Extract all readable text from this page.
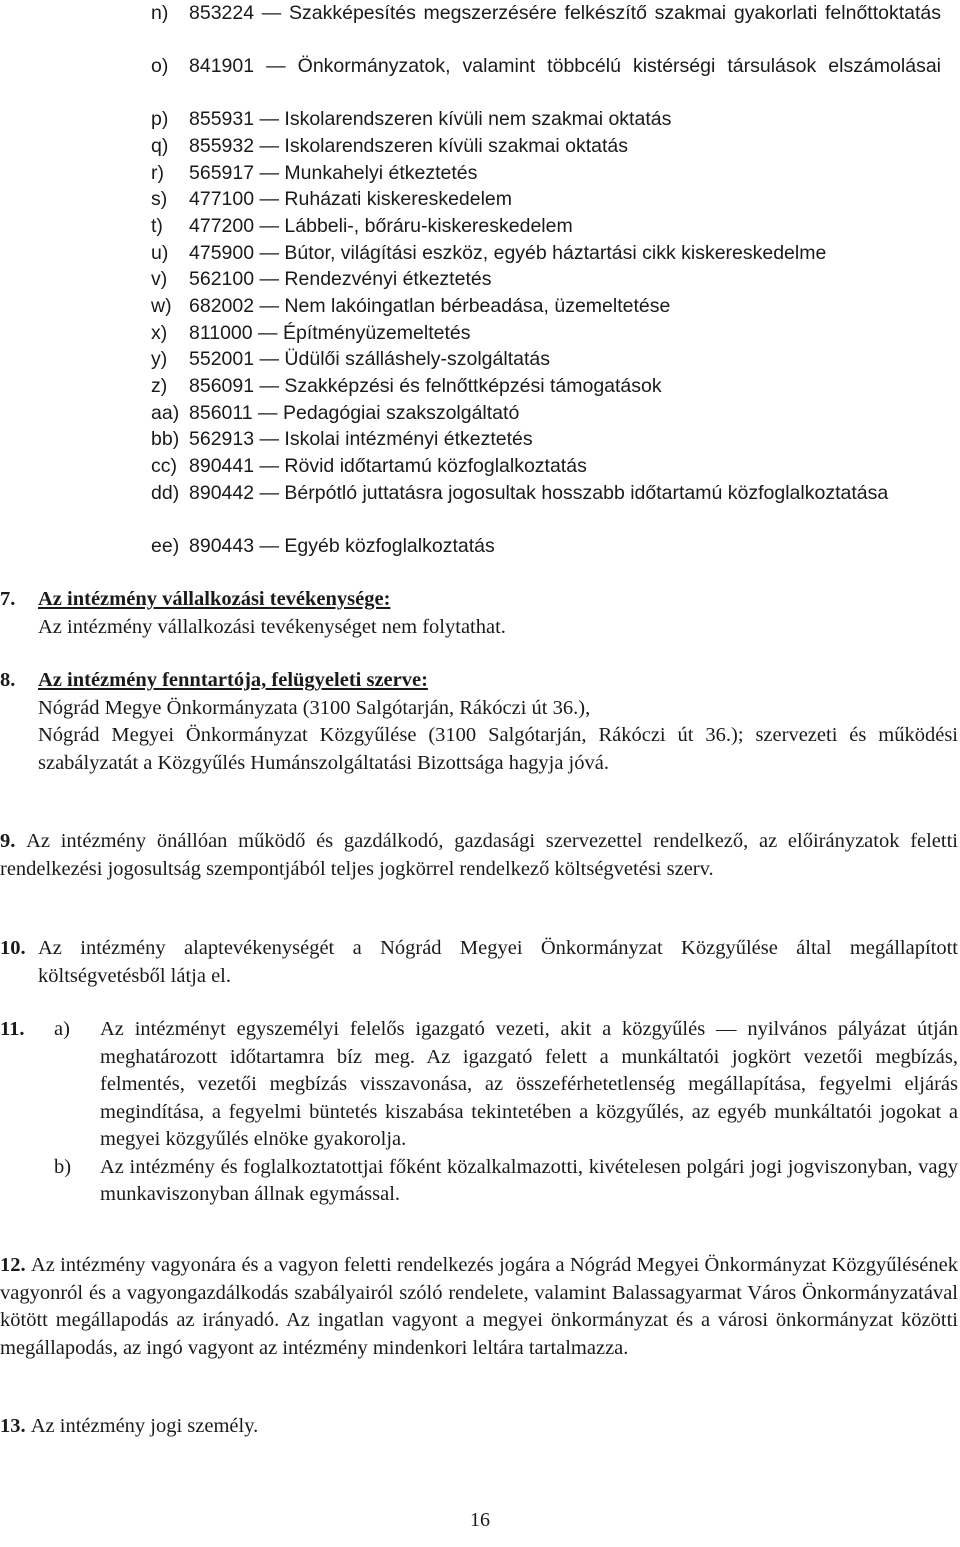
n) 853224 — Szakképesítés megszerzésére felkészítő szakmai gyakorlati felnőttoktatás
o) 841901 — Önkormányzatok, valamint többcélú kistérségi társulások elszámolásai
p) 855931 — Iskolarendszeren kívüli nem szakmai oktatás
q) 855932 — Iskolarendszeren kívüli szakmai oktatás
r) 565917 — Munkahelyi étkeztetés
s) 477100 — Ruházati kiskereskedelem
t) 477200 — Lábbeli-, bőráru-kiskereskedelem
u) 475900 — Bútor, világítási eszköz, egyéb háztartási cikk kiskereskedelme
v) 562100 — Rendezvényi étkeztetés
w) 682002 — Nem lakóingatlan bérbeadása, üzemeltetése
x) 811000 — Építményüzemeltetés
y) 552001 — Üdülői szálláshely-szolgáltatás
z) 856091 — Szakképzési és felnőttképzési támogatások
aa) 856011 — Pedagógiai szakszolgáltató
bb) 562913 — Iskolai intézményi étkeztetés
cc) 890441 — Rövid időtartamú közfoglalkoztatás
dd) 890442 — Bérpótló juttatásra jogosultak hosszabb időtartamú közfoglalkoztatása
ee) 890443 — Egyéb közfoglalkoztatás
7. Az intézmény vállalkozási tevékenysége:
Az intézmény vállalkozási tevékenységet nem folytathat.
8. Az intézmény fenntartója, felügyeleti szerve:
Nógrád Megye Önkormányzata (3100 Salgótarján, Rákóczi út 36.),
Nógrád Megyei Önkormányzat Közgyűlése (3100 Salgótarján, Rákóczi út 36.); szervezeti és működési szabályzatát a Közgyűlés Humánszolgáltatási Bizottsága hagyja jóvá.
9. Az intézmény önállóan működő és gazdálkodó, gazdasági szervezettel rendelkező, az előirányzatok feletti rendelkezési jogosultság szempontjából teljes jogkörrel rendelkező költségvetési szerv.
10. Az intézmény alaptevékenységét a Nógrád Megyei Önkormányzat Közgyűlése által megállapított költségvetésből látja el.
11. a) Az intézményt egyszemélyi felelős igazgató vezeti, akit a közgyűlés — nyilvános pályázat útján meghatározott időtartamra bíz meg. Az igazgató felett a munkáltatói jogkört vezetői megbízás, felmentés, vezetői megbízás visszavonása, az összeférhetetlenség megállapítása, fegyelmi eljárás megindítása, a fegyelmi büntetés kiszabása tekintetében a közgyűlés, az egyéb munkáltatói jogokat a megyei közgyűlés elnöke gyakorolja.
b) Az intézmény és foglalkoztatottjai főként közalkalmazotti, kivételesen polgári jogi jogviszonyban, vagy munkaviszonyban állnak egymással.
12. Az intézmény vagyonára és a vagyon feletti rendelkezés jogára a Nógrád Megyei Önkormányzat Közgyűlésének vagyonról és a vagyongazdálkodás szabályairól szóló rendelete, valamint Balassagyarmat Város Önkormányzatával kötött megállapodás az irányadó. Az ingatlan vagyont a megyei önkormányzat és a városi önkormányzat közötti megállapodás, az ingó vagyont az intézmény mindenkori leltára tartalmazza.
13. Az intézmény jogi személy.
16
